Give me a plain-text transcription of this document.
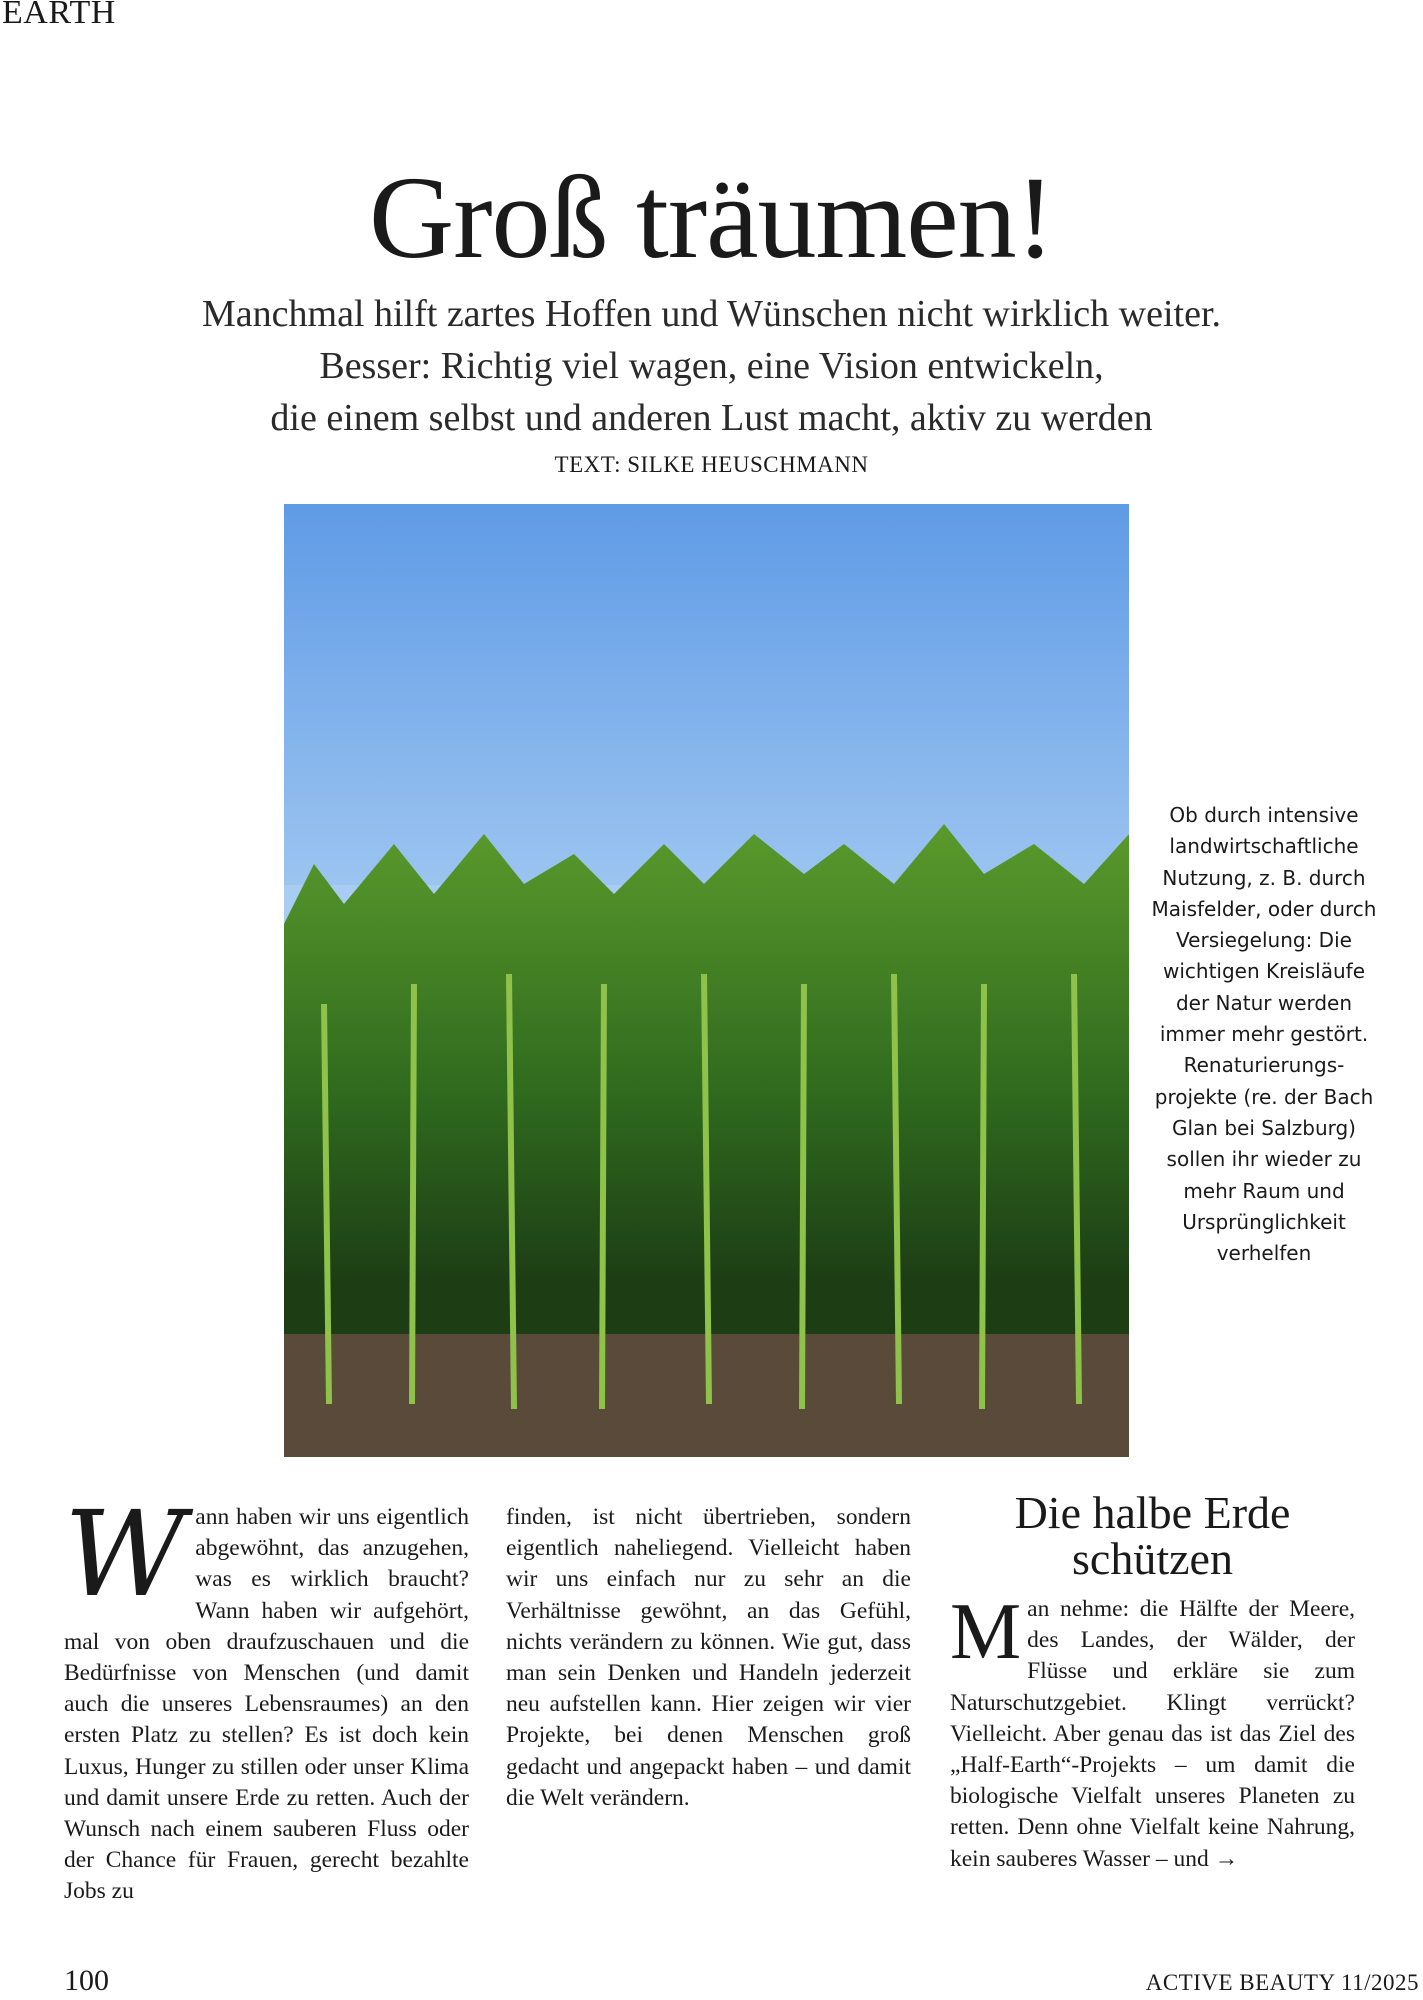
EARTH
Groß träumen!
Manchmal hilft zartes Hoffen und Wünschen nicht wirklich weiter.
Besser: Richtig viel wagen, eine Vision entwickeln,
die einem selbst und anderen Lust macht, aktiv zu werden
TEXT: SILKE HEUSCHMANN
Ob durch intensive landwirtschaftliche Nutzung, z. B. durch Maisfelder, oder durch Versiegelung: Die wichtigen Kreisläufe der Natur werden immer mehr gestört. Renaturierungsprojekte (re. der Bach Glan bei Salzburg) sollen ihr wieder zu mehr Raum und Ursprünglichkeit verhelfen
Wann haben wir uns eigentlich abgewöhnt, das anzugehen, was es wirklich braucht? Wann haben wir aufgehört, mal von oben draufzuschauen und die Bedürfnisse von Menschen (und damit auch die unseres Lebensraumes) an den ersten Platz zu stellen? Es ist doch kein Luxus, Hunger zu stillen oder unser Klima und damit unsere Erde zu retten. Auch der Wunsch nach einem sauberen Fluss oder der Chance für Frauen, gerecht bezahlte Jobs zu
finden, ist nicht übertrieben, sondern eigentlich naheliegend. Vielleicht haben wir uns einfach nur zu sehr an die Verhältnisse gewöhnt, an das Gefühl, nichts verändern zu können. Wie gut, dass man sein Denken und Handeln jederzeit neu aufstellen kann. Hier zeigen wir vier Projekte, bei denen Menschen groß gedacht und angepackt haben – und damit die Welt verändern.
Die halbe Erde schützen
Man nehme: die Hälfte der Meere, des Landes, der Wälder, der Flüsse und erkläre sie zum Naturschutzgebiet. Klingt verrückt? Vielleicht. Aber genau das ist das Ziel des „Half-Earth“-Projekts – um damit die biologische Vielfalt unseres Planeten zu retten. Denn ohne Vielfalt keine Nahrung, kein sauberes Wasser – und →
100	ACTIVE BEAUTY 11/2025
